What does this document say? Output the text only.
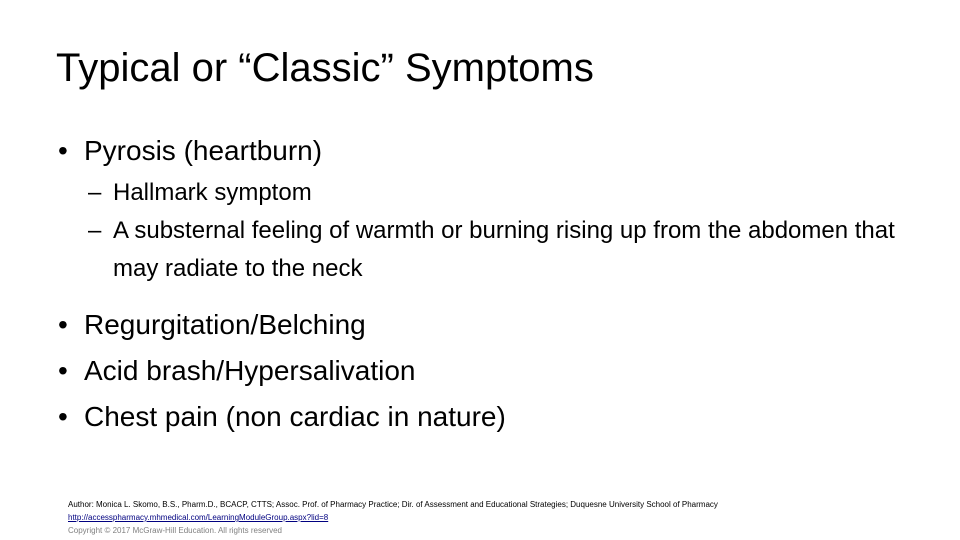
Typical or “Classic” Symptoms
• Pyrosis (heartburn)
– Hallmark symptom
– A substernal feeling of warmth or burning rising up from the abdomen that may radiate to the neck
• Regurgitation/Belching
• Acid brash/Hypersalivation
• Chest pain (non cardiac in nature)
Author: Monica L. Skomo, B.S., Pharm.D., BCACP, CTTS; Assoc. Prof. of Pharmacy Practice; Dir. of Assessment and Educational Strategies; Duquesne University School of Pharmacy
http://accesspharmacy.mhmedical.com/LearningModuleGroup.aspx?lid=8
Copyright © 2017 McGraw-Hill Education. All rights reserved
